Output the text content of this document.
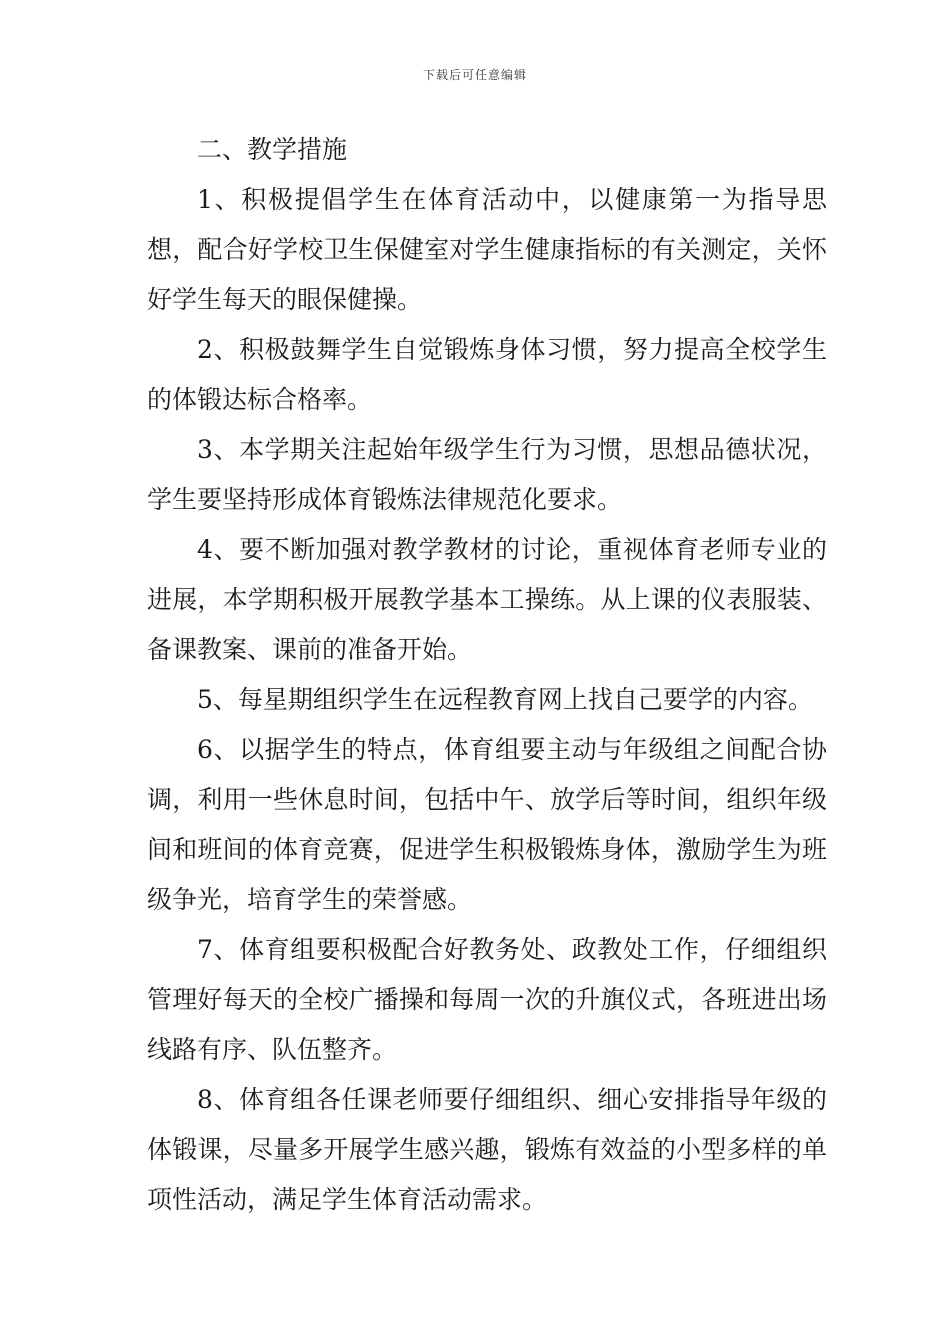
下载后可任意编辑
二、教学措施

1、积极提倡学生在体育活动中，以健康第一为指导思想，配合好学校卫生保健室对学生健康指标的有关测定，关怀好学生每天的眼保健操。

2、积极鼓舞学生自觉锻炼身体习惯，努力提高全校学生的体锻达标合格率。

3、本学期关注起始年级学生行为习惯，思想品德状况，学生要坚持形成体育锻炼法律规范化要求。

4、要不断加强对教学教材的讨论，重视体育老师专业的进展，本学期积极开展教学基本工操练。从上课的仪表服装、备课教案、课前的准备开始。

5、每星期组织学生在远程教育网上找自己要学的内容。

6、以据学生的特点，体育组要主动与年级组之间配合协调，利用一些休息时间，包括中午、放学后等时间，组织年级间和班间的体育竞赛，促进学生积极锻炼身体，激励学生为班级争光，培育学生的荣誉感。

7、体育组要积极配合好教务处、政教处工作，仔细组织管理好每天的全校广播操和每周一次的升旗仪式，各班进出场线路有序、队伍整齐。

8、体育组各任课老师要仔细组织、细心安排指导年级的体锻课，尽量多开展学生感兴趣，锻炼有效益的小型多样的单项性活动，满足学生体育活动需求。
